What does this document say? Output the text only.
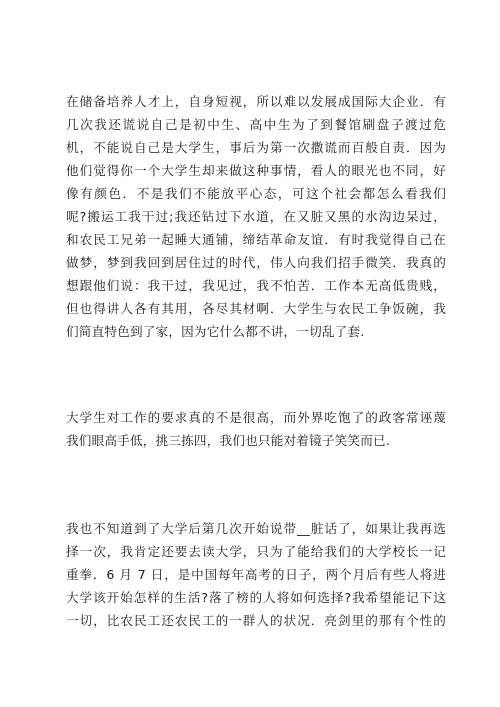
在储备培养人才上，自身短视，所以难以发展成国际大企业．有
几次我还谎说自己是初中生、高中生为了到餐馆刷盘子渡过危
机，不能说自己是大学生，事后为第一次撒谎而百般自责．因为
他们觉得你一个大学生却来做这种事情，看人的眼光也不同，好
像有颜色．不是我们不能放平心态，可这个社会都怎么看我们
呢?搬运工我干过;我还钻过下水道，在又脏又黑的水沟边呆过，
和农民工兄弟一起睡大通铺，缔结革命友谊．有时我觉得自己在
做梦，梦到我回到居住过的时代，伟人向我们招手微笑．我真的
想跟他们说：我干过，我见过，我不怕苦．工作本无高低贵贱，
但也得讲人各有其用，各尽其材啊．大学生与农民工争饭碗，我
们简直特色到了家，因为它什么都不讲，一切乱了套.

大学生对工作的要求真的不是很高，而外界吃饱了的政客常诬蔑
我们眼高手低，挑三拣四，我们也只能对着镜子笑笑而已.

我也不知道到了大学后第几次开始说带__脏话了，如果让我再选
择一次，我肯定还要去读大学，只为了能给我们的大学校长一记
重拳．6 月 7 日，是中国每年高考的日子，两个月后有些人将进
大学该开始怎样的生活?落了榜的人将如何选择?我希望能记下这
一切，比农民工还农民工的一群人的状况．亮剑里的那有个性的
